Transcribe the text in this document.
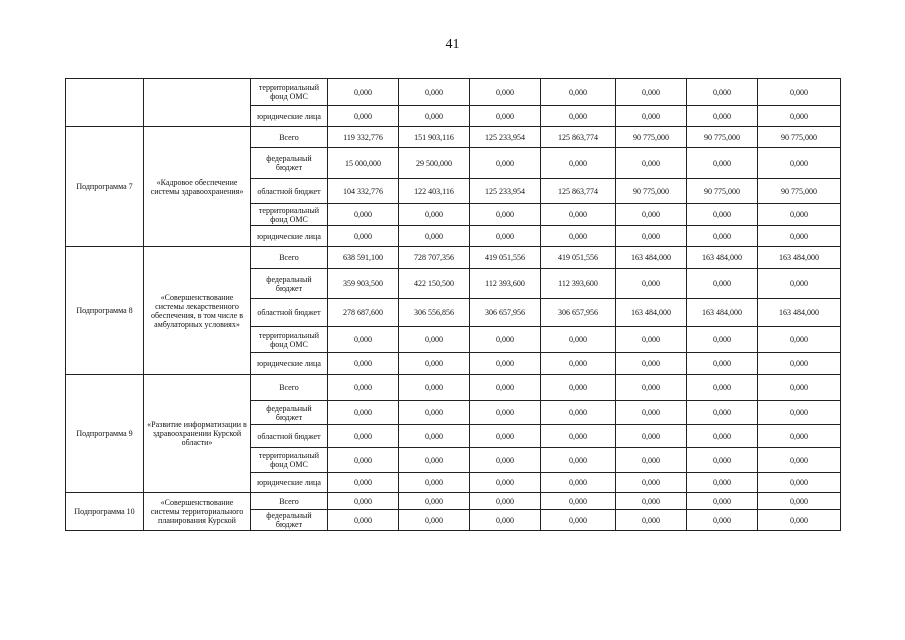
41
		территориальный фонд ОМС	0,000	0,000	0,000	0,000	0,000	0,000	0,000
		юридические лица	0,000	0,000	0,000	0,000	0,000	0,000	0,000
Подпрограмма 7	«Кадровое обеспечение системы здравоохранения»	Всего	119 332,776	151 903,116	125 233,954	125 863,774	90 775,000	90 775,000	90 775,000
		федеральный бюджет	15 000,000	29 500,000	0,000	0,000	0,000	0,000	0,000
		областной бюджет	104 332,776	122 403,116	125 233,954	125 863,774	90 775,000	90 775,000	90 775,000
		территориальный фонд ОМС	0,000	0,000	0,000	0,000	0,000	0,000	0,000
		юридические лица	0,000	0,000	0,000	0,000	0,000	0,000	0,000
Подпрограмма 8	«Совершенствование системы лекарственного обеспечения, в том числе в амбулаторных условиях»	Всего	638 591,100	728 707,356	419 051,556	419 051,556	163 484,000	163 484,000	163 484,000
		федеральный бюджет	359 903,500	422 150,500	112 393,600	112 393,600	0,000	0,000	0,000
		областной бюджет	278 687,600	306 556,856	306 657,956	306 657,956	163 484,000	163 484,000	163 484,000
		территориальный фонд ОМС	0,000	0,000	0,000	0,000	0,000	0,000	0,000
		юридические лица	0,000	0,000	0,000	0,000	0,000	0,000	0,000
Подпрограмма 9	«Развитие информатизации в здравоохранении Курской области»	Всего	0,000	0,000	0,000	0,000	0,000	0,000	0,000
		федеральный бюджет	0,000	0,000	0,000	0,000	0,000	0,000	0,000
		областной бюджет	0,000	0,000	0,000	0,000	0,000	0,000	0,000
		территориальный фонд ОМС	0,000	0,000	0,000	0,000	0,000	0,000	0,000
		юридические лица	0,000	0,000	0,000	0,000	0,000	0,000	0,000
Подпрограмма 10	«Совершенствование системы территориального планирования Курской	Всего	0,000	0,000	0,000	0,000	0,000	0,000	0,000
		федеральный бюджет	0,000	0,000	0,000	0,000	0,000	0,000	0,000
